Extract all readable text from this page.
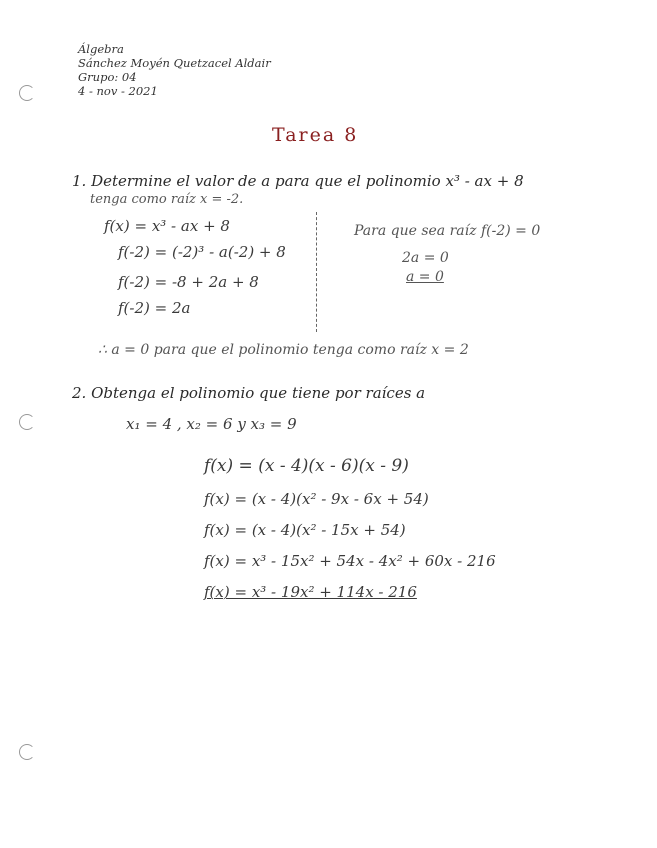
Álgebra
Sánchez Moyén Quetzacel Aldair
Grupo: 04
4 - nov - 2021
Tarea 8
1. Determine el valor de a para que el polinomio x³ - ax + 8
tenga como raíz x = -2.
f(x) = x³ - ax + 8
f(-2) = (-2)³ - a(-2) + 8
f(-2) = -8 + 2a + 8
f(-2) = 2a
Para que sea raíz f(-2) = 0
2a = 0
a = 0
∴ a = 0 para que el polinomio tenga como raíz x = 2
2. Obtenga el polinomio que tiene por raíces a
x₁ = 4 , x₂ = 6 y x₃ = 9
f(x) = (x - 4)(x - 6)(x - 9)
f(x) = (x - 4)(x² - 9x - 6x + 54)
f(x) = (x - 4)(x² - 15x + 54)
f(x) = x³ - 15x² + 54x - 4x² + 60x - 216
f(x) = x³ - 19x² + 114x - 216
